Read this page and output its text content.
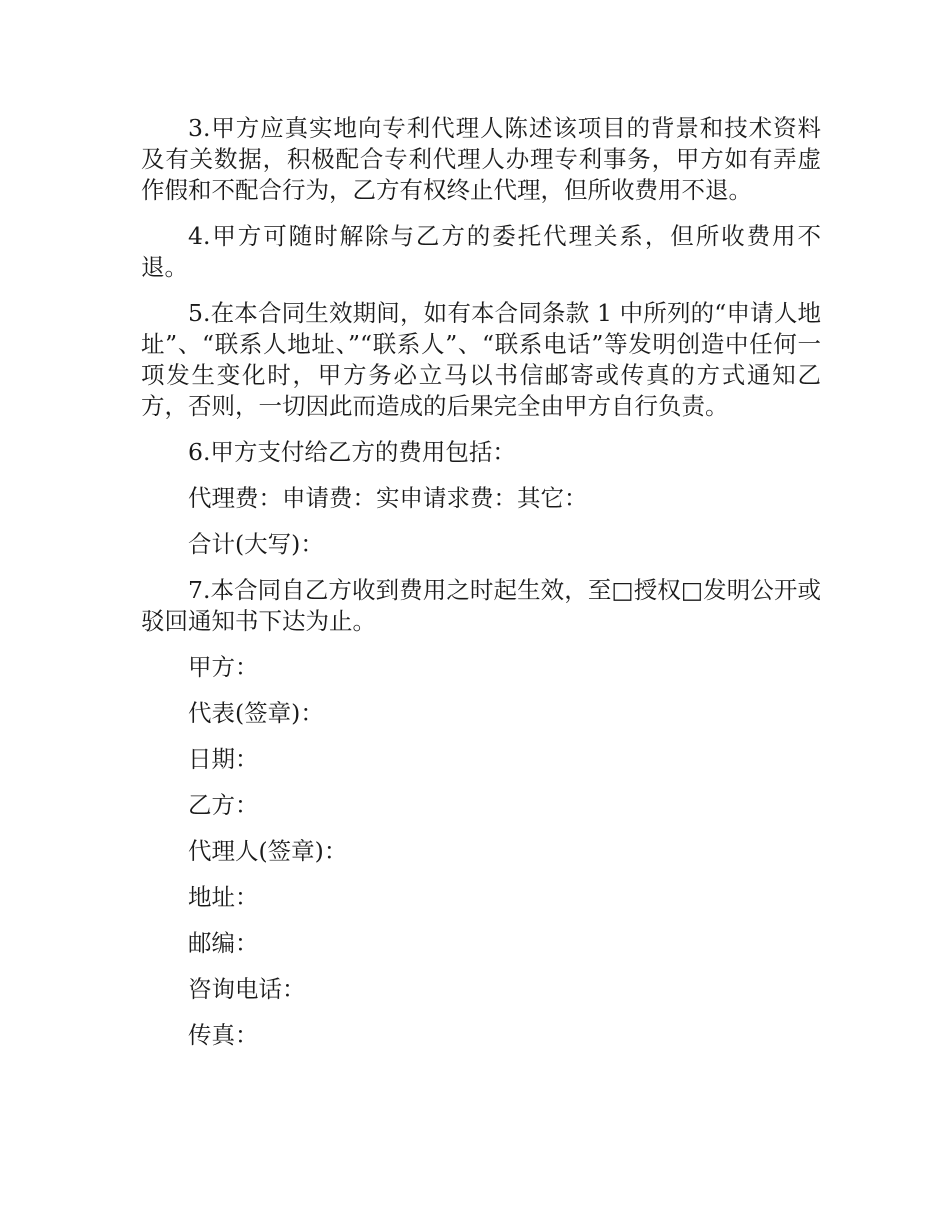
3.甲方应真实地向专利代理人陈述该项目的背景和技术资料及有关数据，积极配合专利代理人办理专利事务，甲方如有弄虚作假和不配合行为，乙方有权终止代理，但所收费用不退。

4.甲方可随时解除与乙方的委托代理关系，但所收费用不退。

5.在本合同生效期间，如有本合同条款 1 中所列的“申请人地址”、“联系人地址、”“联系人”、“联系电话”等发明创造中任何一项发生变化时，甲方务必立马以书信邮寄或传真的方式通知乙方，否则，一切因此而造成的后果完全由甲方自行负责。

6.甲方支付给乙方的费用包括：

代理费：申请费：实申请求费：其它：

合计(大写)：

7.本合同自乙方收到费用之时起生效，至□授权□发明公开或驳回通知书下达为止。

甲方：

代表(签章)：

日期：

乙方：

代理人(签章)：

地址：

邮编：

咨询电话：

传真：
